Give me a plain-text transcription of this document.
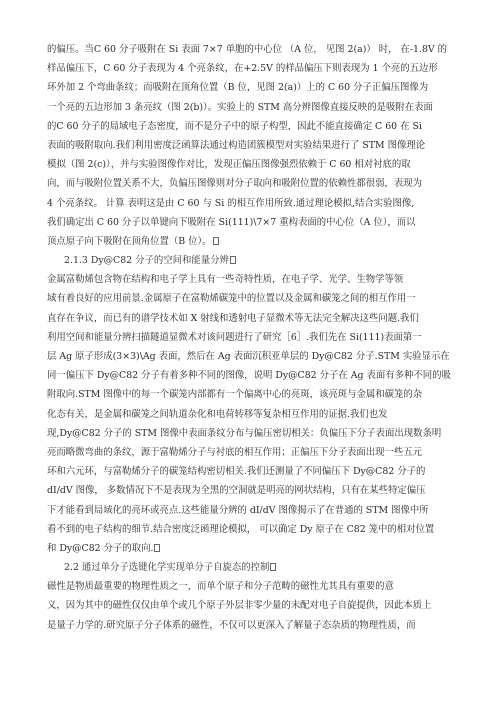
的偏压。当C 60 分子吸附在 Si 表面 7×7 单胞的中心位 （A 位， 见图 2(a)） 时， 在-1.8V 的
样品偏压下，C 60 分子表现为 4 个亮条纹，在+2.5V 的样品偏压下则表现为 1 个亮的五边形
环外加 2 个弯曲条纹；而吸附在顶角位置（B 位，见图 2(a)）上的 C 60 分子正偏压图像为
一个亮的五边形加 3 条亮纹（图 2(b)）。实验上的 STM 高分辨图像直接反映的是吸附在表面
的C 60 分子的局域电子态密度，而不是分子中的原子构型，因此不能直接确定 C 60 在 Si
表面的吸附取向.我们利用密度泛函算法通过构造团簇模型对实验结果进行了 STM 图像理论
模拟（图 2(c)），并与实验图像作对比，发现正偏压图像强烈依赖于 C 60 相对衬底的取
向，而与吸附位置关系不大，负偏压图像则对分子取向和吸附位置的依赖性都很弱，表现为
4 个亮条纹。 计算 表明这是由 C 60 与 Si 的相互作用所致.通过理论模拟,结合实验图像,
我们确定出 C 60 分子以单键向下吸附在 Si(111)\7×7 重构表面的中心位（A 位），而以
顶点原子向下吸附在顶角位置（B 位）。
2.1.3 Dy@C82 分子的空间和能量分辨
金属富勒烯包含物在结构和电子学上具有一些奇特性质，在电子学、光学、生物学等领
域有着良好的应用前景.金属原子在富勒烯碳笼中的位置以及金属和碳笼之间的相互作用一
直存在争议，而已有的谱学技术如 X 射线和透射电子显微术等无法完全解决这些问题.我们
利用空间和能量分辨扫描隧道显微术对该问题进行了研究［6］.我们先在 Si(111)表面第一
层 Ag 原子形成(3×3)\Ag 表面，然后在 Ag 表面沉积亚单层的 Dy@C82 分子.STM 实验显示在
同一偏压下 Dy@C82 分子有着多种不同的图像，说明 Dy@C82 分子在 Ag 表面有多种不同的吸
附取向.STM 图像中的每一个碳笼内部都有一个偏离中心的亮斑，该亮斑与金属和碳笼的杂
化态有关，是金属和碳笼之间轨道杂化和电荷转移等复杂相互作用的证据.我们也发
现,Dy@C82 分子的 STM 图像中表面条纹分布与偏压密切相关：负偏压下分子表面出现数条明
亮而略微弯曲的条纹，源于富勒烯分子与衬底的相互作用；正偏压下分子表面出现一些五元
环和六元环，与富勒烯分子的碳笼结构密切相关.我们还测量了不同偏压下 Dy@C82 分子的
dI/dV 图像， 多数情况下不是表现为全黑的空洞就是明亮的网状结构，只有在某些特定偏压
下才能看到局域化的亮环或亮点.这些能量分辨的 dI/dV 图像揭示了在普通的 STM 图像中所
看不到的电子结构的细节.结合密度泛函理论模拟， 可以确定 Dy 原子在 C82 笼中的相对位置
和 Dy@C82 分子的取向.
2.2 通过单分子选键化学实现单分子自旋态的控制
磁性是物质最重要的物理性质之一，而单个原子和分子范畴的磁性尤其具有重要的意
义，因为其中的磁性仅仅由单个或几个原子外层非零少量的未配对电子自旋提供，因此本质上
是量子力学的.研究原子分子体系的磁性，不仅可以更深入了解量子态杂质的物理性质，而
